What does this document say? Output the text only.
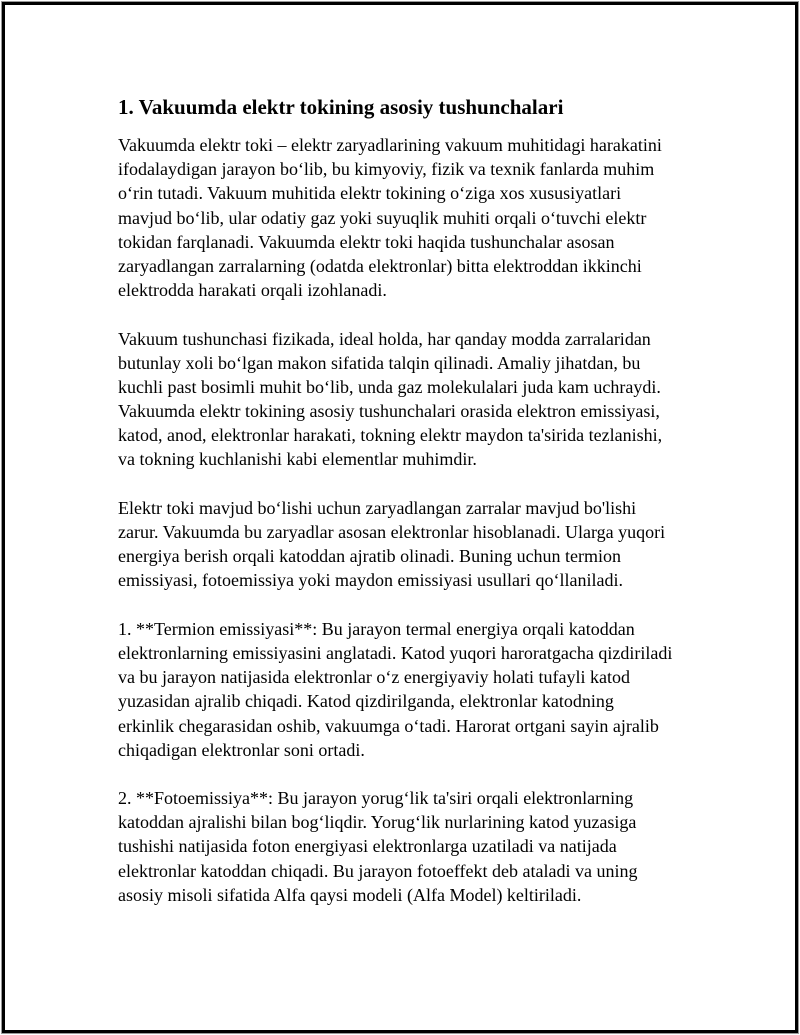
1. Vakuumda elektr tokining asosiy tushunchalari
Vakuumda elektr toki – elektr zaryadlarining vakuum muhitidagi harakatini
ifodalaydigan jarayon bo‘lib, bu kimyoviy, fizik va texnik fanlarda muhim
o‘rin tutadi. Vakuum muhitida elektr tokining o‘ziga xos xususiyatlari
mavjud bo‘lib, ular odatiy gaz yoki suyuqlik muhiti orqali o‘tuvchi elektr
tokidan farqlanadi. Vakuumda elektr toki haqida tushunchalar asosan
zaryadlangan zarralarning (odatda elektronlar) bitta elektroddan ikkinchi
elektrodda harakati orqali izohlanadi.
Vakuum tushunchasi fizikada, ideal holda, har qanday modda zarralaridan
butunlay xoli bo‘lgan makon sifatida talqin qilinadi. Amaliy jihatdan, bu
kuchli past bosimli muhit bo‘lib, unda gaz molekulalari juda kam uchraydi.
Vakuumda elektr tokining asosiy tushunchalari orasida elektron emissiyasi,
katod, anod, elektronlar harakati, tokning elektr maydon ta'sirida tezlanishi,
va tokning kuchlanishi kabi elementlar muhimdir.
Elektr toki mavjud bo‘lishi uchun zaryadlangan zarralar mavjud bo'lishi
zarur. Vakuumda bu zaryadlar asosan elektronlar hisoblanadi. Ularga yuqori
energiya berish orqali katoddan ajratib olinadi. Buning uchun termion
emissiyasi, fotoemissiya yoki maydon emissiyasi usullari qo‘llaniladi.
1. **Termion emissiyasi**: Bu jarayon termal energiya orqali katoddan
elektronlarning emissiyasini anglatadi. Katod yuqori haroratgacha qizdiriladi
va bu jarayon natijasida elektronlar o‘z energiyaviy holati tufayli katod
yuzasidan ajralib chiqadi. Katod qizdirilganda, elektronlar katodning
erkinlik chegarasidan oshib, vakuumga o‘tadi. Harorat ortgani sayin ajralib
chiqadigan elektronlar soni ortadi.
2. **Fotoemissiya**: Bu jarayon yorug‘lik ta'siri orqali elektronlarning
katoddan ajralishi bilan bog‘liqdir. Yorug‘lik nurlarining katod yuzasiga
tushishi natijasida foton energiyasi elektronlarga uzatiladi va natijada
elektronlar katoddan chiqadi. Bu jarayon fotoeffekt deb ataladi va uning
asosiy misoli sifatida Alfa qaysi modeli (Alfa Model) keltiriladi.
